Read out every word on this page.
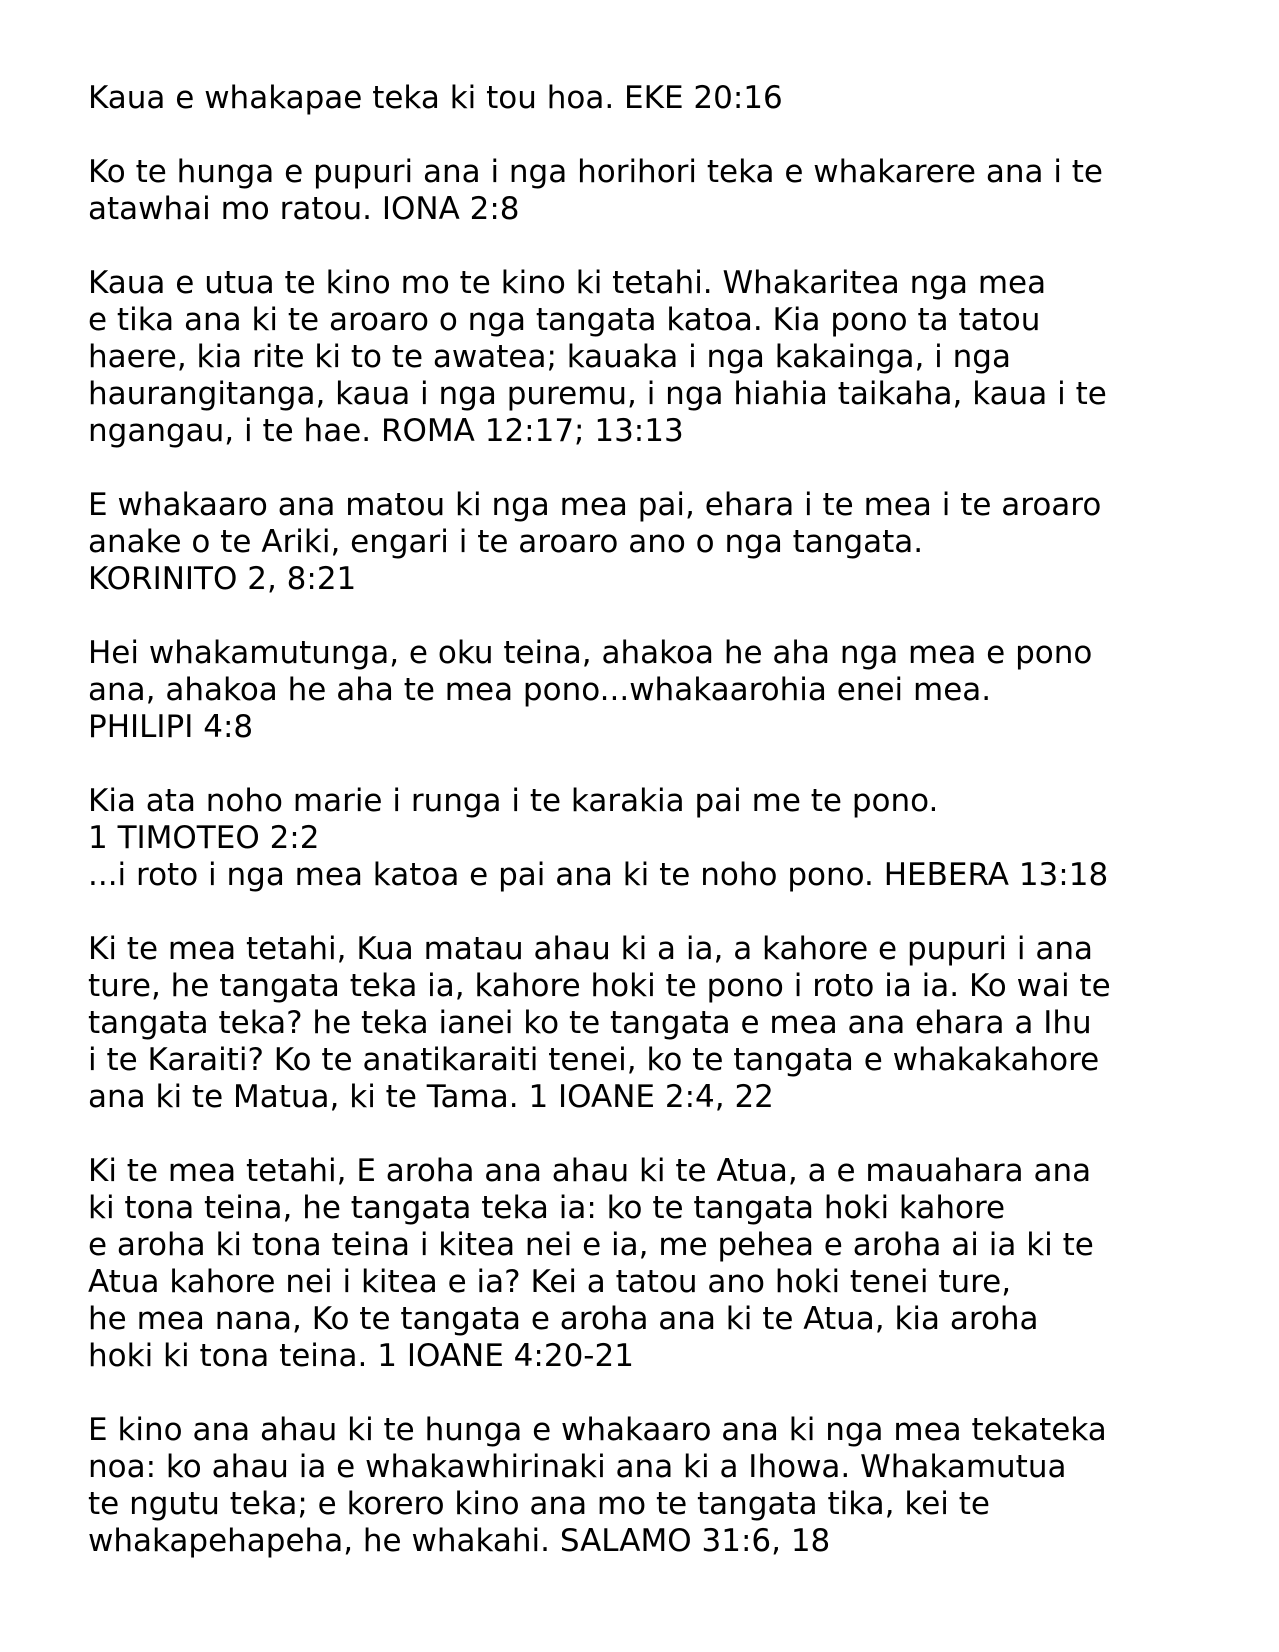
Kaua e whakapae teka ki tou hoa. EKE 20:16

Ko te hunga e pupuri ana i nga horihori teka e whakarere ana i te
atawhai mo ratou. IONA 2:8

Kaua e utua te kino mo te kino ki tetahi. Whakaritea nga mea
e tika ana ki te aroaro o nga tangata katoa. Kia pono ta tatou
haere, kia rite ki to te awatea; kauaka i nga kakainga, i nga
haurangitanga, kaua i nga puremu, i nga hiahia taikaha, kaua i te
ngangau, i te hae. ROMA 12:17; 13:13

E whakaaro ana matou ki nga mea pai, ehara i te mea i te aroaro
anake o te Ariki, engari i te aroaro ano o nga tangata.
KORINITO 2, 8:21

Hei whakamutunga, e oku teina, ahakoa he aha nga mea e pono
ana, ahakoa he aha te mea pono...whakaarohia enei mea.
PHILIPI 4:8

Kia ata noho marie i runga i te karakia pai me te pono.
1 TIMOTEO 2:2

...i roto i nga mea katoa e pai ana ki te noho pono. HEBERA 13:18

Ki te mea tetahi, Kua matau ahau ki a ia, a kahore e pupuri i ana
ture, he tangata teka ia, kahore hoki te pono i roto ia ia. Ko wai te
tangata teka? he teka ianei ko te tangata e mea ana ehara a Ihu
i te Karaiti? Ko te anatikaraiti tenei, ko te tangata e whakakahore
ana ki te Matua, ki te Tama. 1 IOANE 2:4, 22

Ki te mea tetahi, E aroha ana ahau ki te Atua, a e mauahara ana
ki tona teina, he tangata teka ia: ko te tangata hoki kahore
e aroha ki tona teina i kitea nei e ia, me pehea e aroha ai ia ki te
Atua kahore nei i kitea e ia? Kei a tatou ano hoki tenei ture,
he mea nana, Ko te tangata e aroha ana ki te Atua, kia aroha
hoki ki tona teina. 1 IOANE 4:20-21

E kino ana ahau ki te hunga e whakaaro ana ki nga mea tekateka
noa: ko ahau ia e whakawhirinaki ana ki a Ihowa. Whakamutua
te ngutu teka; e korero kino ana mo te tangata tika, kei te
whakapehapeha, he whakahi. SALAMO 31:6, 18
